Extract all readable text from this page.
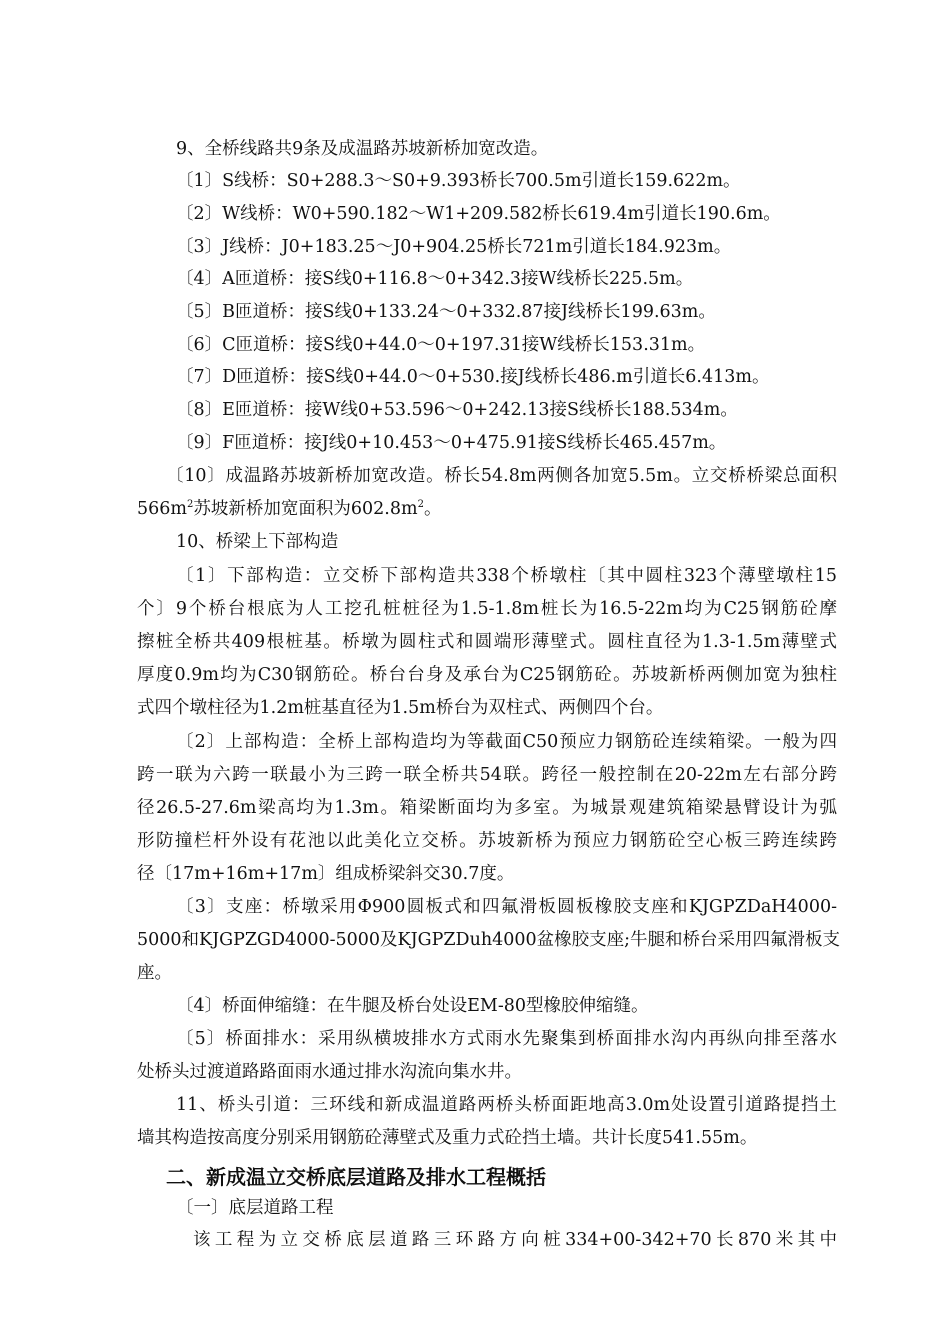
9、全桥线路共9条及成温路苏坡新桥加宽改造。
〔1〕S线桥：S0+288.3～S0+9.393桥长700.5m引道长159.622m。
〔2〕W线桥：W0+590.182～W1+209.582桥长619.4m引道长190.6m。
〔3〕J线桥：J0+183.25～J0+904.25桥长721m引道长184.923m。
〔4〕A匝道桥：接S线0+116.8～0+342.3接W线桥长225.5m。
〔5〕B匝道桥：接S线0+133.24～0+332.87接J线桥长199.63m。
〔6〕C匝道桥：接S线0+44.0～0+197.31接W线桥长153.31m。
〔7〕D匝道桥：接S线0+44.0～0+530.接J线桥长486.m引道长6.413m。
〔8〕E匝道桥：接W线0+53.596～0+242.13接S线桥长188.534m。
〔9〕F匝道桥：接J线0+10.453～0+475.91接S线桥长465.457m。
〔10〕成温路苏坡新桥加宽改造。桥长54.8m两侧各加宽5.5m。立交桥桥梁总面积
$566m^2$苏坡新桥加宽面积为$602.8m^2$。
10、桥梁上下部构造
〔1〕下部构造：立交桥下部构造共338个桥墩柱〔其中圆柱323个薄壁墩柱15
个〕9个桥台根底为人工挖孔桩桩径为1.5-1.8m桩长为16.5-22m均为C25钢筋砼摩
擦桩全桥共409根桩基。桥墩为圆柱式和圆端形薄壁式。圆柱直径为1.3-1.5m薄壁式
厚度0.9m均为C30钢筋砼。桥台台身及承台为C25钢筋砼。苏坡新桥两侧加宽为独柱
式四个墩柱径为1.2m桩基直径为1.5m桥台为双柱式、两侧四个台。
〔2〕上部构造：全桥上部构造均为等截面C50预应力钢筋砼连续箱梁。一般为四
跨一联为六跨一联最小为三跨一联全桥共54联。跨径一般控制在20-22m左右部分跨
径26.5-27.6m梁高均为1.3m。箱梁断面均为多室。为城景观建筑箱梁悬臂设计为弧
形防撞栏杆外设有花池以此美化立交桥。苏坡新桥为预应力钢筋砼空心板三跨连续跨
径〔17m+16m+17m〕组成桥梁斜交30.7度。
〔3〕支座：桥墩采用Φ900圆板式和四氟滑板圆板橡胶支座和KJGPZDaH4000-
5000和KJGPZGD4000-5000及KJGPZDuh4000盆橡胶支座;牛腿和桥台采用四氟滑板支
座。
〔4〕桥面伸缩缝：在牛腿及桥台处设EM-80型橡胶伸缩缝。
〔5〕桥面排水：采用纵横坡排水方式雨水先聚集到桥面排水沟内再纵向排至落水
处桥头过渡道路路面雨水通过排水沟流向集水井。
11、桥头引道：三环线和新成温道路两桥头桥面距地高3.0m处设置引道路提挡土
墙其构造按高度分别采用钢筋砼薄壁式及重力式砼挡土墙。共计长度541.55m。
二、新成温立交桥底层道路及排水工程概括
〔一〕底层道路工程
该工程为立交桥底层道路三环路方向桩334+00-342+70长870米其中
